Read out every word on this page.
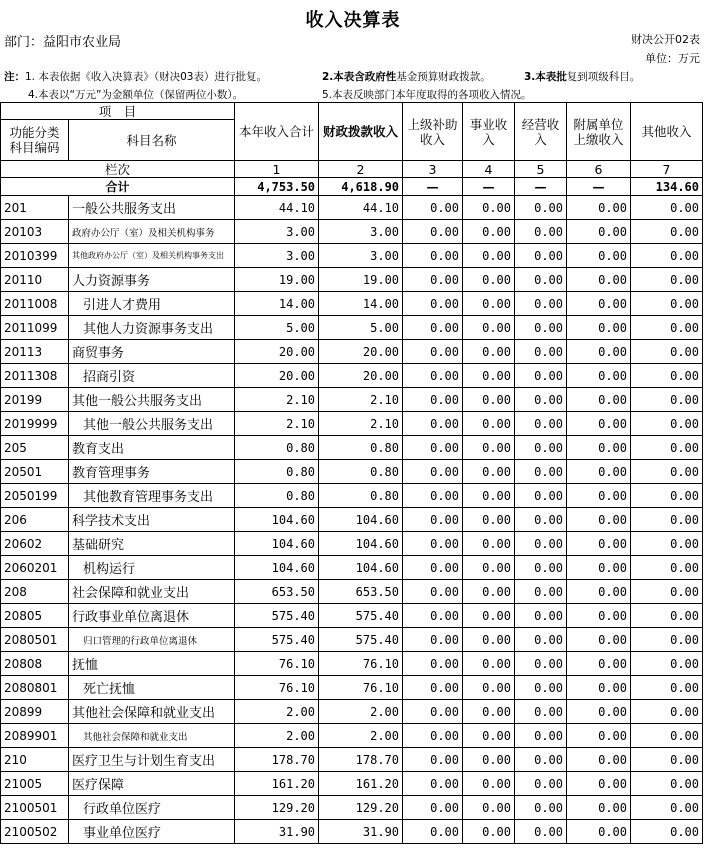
收入决算表
部门：益阳市农业局	财决公开02表
单位：万元
注：1. 本表依据《收入决算表》（财决03表）进行批复。	2.本表含政府性基金预算财政拨款。	3.本表批复到项级科目。
4.本表以“万元”为金额单位（保留两位小数）。	5.本表反映部门本年度取得的各项收入情况。
项　目		本年收入合计	财政拨款收入	上级补助收入	事业收入	经营收入	附属单位上缴收入	其他收入
功能分类科目编码	科目名称							
栏次		1	2	3	4	5	6	7
合计		4,753.50	4,618.90	—	—	—	—	134.60
201	一般公共服务支出	44.10	44.10	0.00	0.00	0.00	0.00	0.00
20103	政府办公厅（室）及相关机构事务	3.00	3.00	0.00	0.00	0.00	0.00	0.00
2010399	其他政府办公厅（室）及相关机构事务支出	3.00	3.00	0.00	0.00	0.00	0.00	0.00
20110	人力资源事务	19.00	19.00	0.00	0.00	0.00	0.00	0.00
2011008	引进人才费用	14.00	14.00	0.00	0.00	0.00	0.00	0.00
2011099	其他人力资源事务支出	5.00	5.00	0.00	0.00	0.00	0.00	0.00
20113	商贸事务	20.00	20.00	0.00	0.00	0.00	0.00	0.00
2011308	招商引资	20.00	20.00	0.00	0.00	0.00	0.00	0.00
20199	其他一般公共服务支出	2.10	2.10	0.00	0.00	0.00	0.00	0.00
2019999	其他一般公共服务支出	2.10	2.10	0.00	0.00	0.00	0.00	0.00
205	教育支出	0.80	0.80	0.00	0.00	0.00	0.00	0.00
20501	教育管理事务	0.80	0.80	0.00	0.00	0.00	0.00	0.00
2050199	其他教育管理事务支出	0.80	0.80	0.00	0.00	0.00	0.00	0.00
206	科学技术支出	104.60	104.60	0.00	0.00	0.00	0.00	0.00
20602	基础研究	104.60	104.60	0.00	0.00	0.00	0.00	0.00
2060201	机构运行	104.60	104.60	0.00	0.00	0.00	0.00	0.00
208	社会保障和就业支出	653.50	653.50	0.00	0.00	0.00	0.00	0.00
20805	行政事业单位离退休	575.40	575.40	0.00	0.00	0.00	0.00	0.00
2080501	归口管理的行政单位离退休	575.40	575.40	0.00	0.00	0.00	0.00	0.00
20808	抚恤	76.10	76.10	0.00	0.00	0.00	0.00	0.00
2080801	死亡抚恤	76.10	76.10	0.00	0.00	0.00	0.00	0.00
20899	其他社会保障和就业支出	2.00	2.00	0.00	0.00	0.00	0.00	0.00
2089901	其他社会保障和就业支出	2.00	2.00	0.00	0.00	0.00	0.00	0.00
210	医疗卫生与计划生育支出	178.70	178.70	0.00	0.00	0.00	0.00	0.00
21005	医疗保障	161.20	161.20	0.00	0.00	0.00	0.00	0.00
2100501	行政单位医疗	129.20	129.20	0.00	0.00	0.00	0.00	0.00
2100502	事业单位医疗	31.90	31.90	0.00	0.00	0.00	0.00	0.00
